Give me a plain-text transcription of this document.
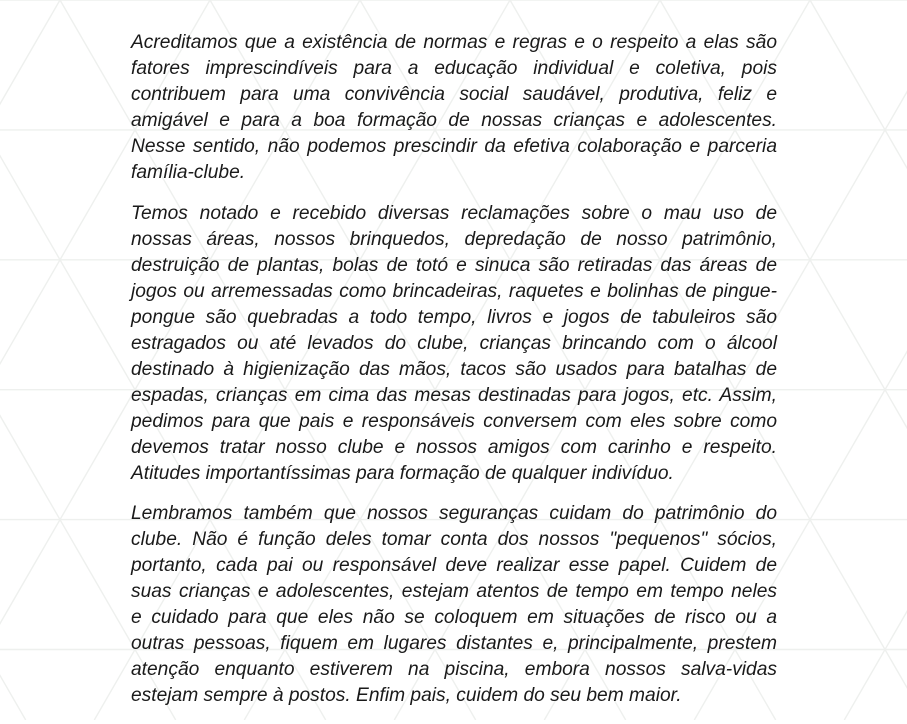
Acreditamos que a existência de normas e regras e o respeito a elas são
fatores imprescindíveis para a educação individual e coletiva, pois
contribuem para uma convivência social saudável, produtiva, feliz e
amigável e para a boa formação de nossas crianças e adolescentes.
Nesse sentido, não podemos prescindir da efetiva colaboração e parceria
família-clube.

Temos notado e recebido diversas reclamações sobre o mau uso de
nossas áreas, nossos brinquedos, depredação de nosso patrimônio,
destruição de plantas, bolas de totó e sinuca são retiradas das áreas de
jogos ou arremessadas como brincadeiras, raquetes e bolinhas de pingue-
pongue são quebradas a todo tempo, livros e jogos de tabuleiros são
estragados ou até levados do clube, crianças brincando com o álcool
destinado à higienização das mãos, tacos são usados para batalhas de
espadas, crianças em cima das mesas destinadas para jogos, etc. Assim,
pedimos para que pais e responsáveis conversem com eles sobre como
devemos tratar nosso clube e nossos amigos com carinho e respeito.
Atitudes importantíssimas para formação de qualquer indivíduo.

Lembramos também que nossos seguranças cuidam do patrimônio do
clube. Não é função deles tomar conta dos nossos "pequenos" sócios,
portanto, cada pai ou responsável deve realizar esse papel. Cuidem de
suas crianças e adolescentes, estejam atentos de tempo em tempo neles
e cuidado para que eles não se coloquem em situações de risco ou a
outras pessoas, fiquem em lugares distantes e, principalmente, prestem
atenção enquanto estiverem na piscina, embora nossos salva-vidas
estejam sempre à postos. Enfim pais, cuidem do seu bem maior.
